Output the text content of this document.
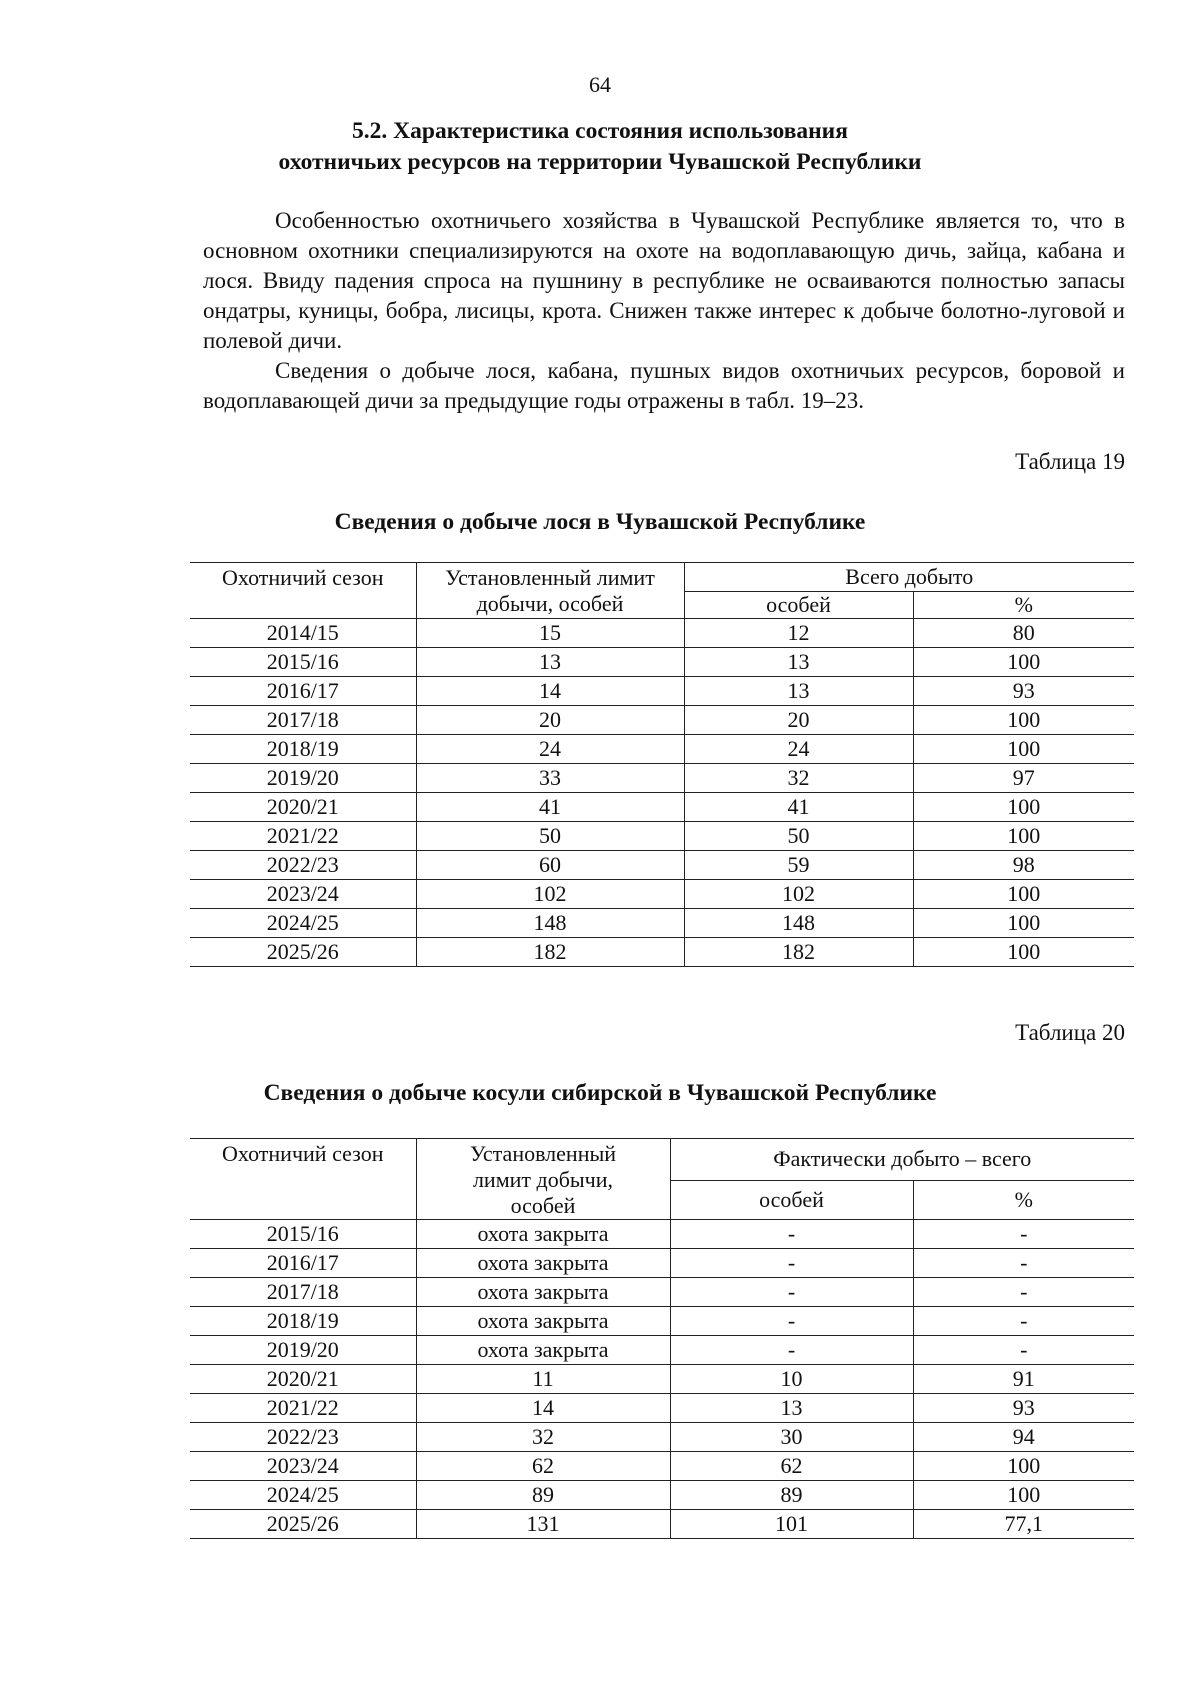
64
5.2. Характеристика состояния использования
охотничьих ресурсов на территории Чувашской Республики

Особенностью охотничьего хозяйства в Чувашской Республике является то, что в основном охотники специализируются на охоте на водоплавающую дичь, зайца, кабана и лося. Ввиду падения спроса на пушнину в республике не осваиваются полностью запасы ондатры, куницы, бобра, лисицы, крота. Снижен также интерес к добыче болотно-луговой и полевой дичи.

Сведения о добыче лося, кабана, пушных видов охотничьих ресурсов, боровой и водоплавающей дичи за предыдущие годы отражены в табл. 19–23.

Таблица 19
Сведения о добыче лося в Чувашской Республике
Охотничий сезон	Установленный лимит добычи, особей	Всего добыто	
		особей	%
2014/15	15	12	80
2015/16	13	13	100
2016/17	14	13	93
2017/18	20	20	100
2018/19	24	24	100
2019/20	33	32	97
2020/21	41	41	100
2021/22	50	50	100
2022/23	60	59	98
2023/24	102	102	100
2024/25	148	148	100
2025/26	182	182	100
Таблица 20
Сведения о добыче косули сибирской в Чувашской Республике
Охотничий сезон	Установленный лимит добычи, особей	Фактически добыто – всего	
		особей	%
2015/16	охота закрыта	-	-
2016/17	охота закрыта	-	-
2017/18	охота закрыта	-	-
2018/19	охота закрыта	-	-
2019/20	охота закрыта	-	-
2020/21	11	10	91
2021/22	14	13	93
2022/23	32	30	94
2023/24	62	62	100
2024/25	89	89	100
2025/26	131	101	77,1
